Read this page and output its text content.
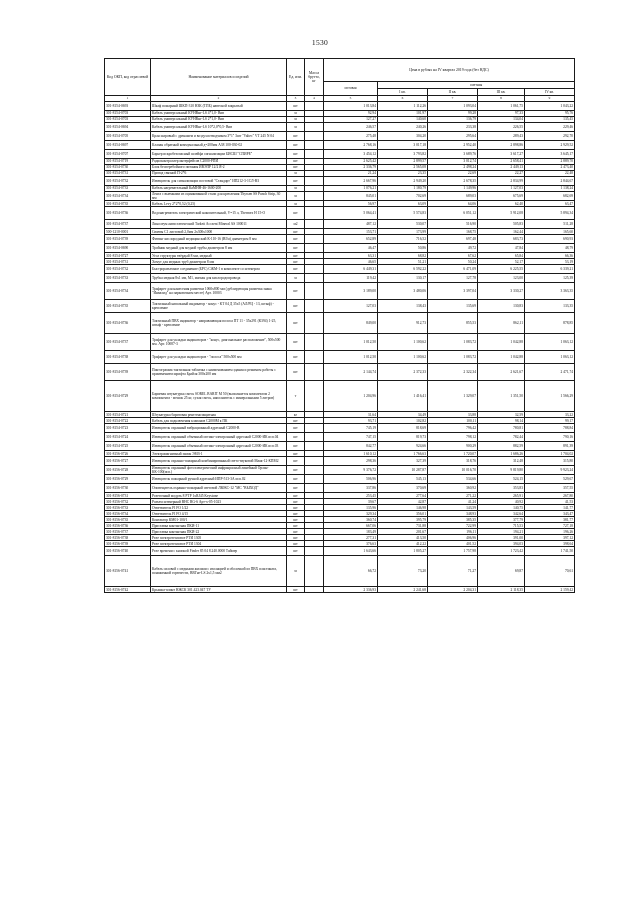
1530
Код ОКП, код отраслевой	Наименование материалов и изделий	Ед. изм.	Масса брутто, кг	Цена в рублях на IV квартал 2019 года (без НДС)				
				оптовая	сметная			
					I кв.	II кв.	III кв.	IV кв.
1	2	3	4	5	6	7	8	9
301-8154-0693	Шкаф пожарный ШКП-310 НЗК (ТПБ) навесной закрытый	шт		1 013,84	1 112,26	1 093,04	1 061,75	1 043,22
301-8154-0703	Кабель универсальный КУНВнг-LS 4*1,0- Вив	м		92,94	101,97	99,28	97,33	95,76
301-8154-0703	Кабель универсальный КУНВнг-LS 2*1,0- Вив	м		127,27	140,60	136,79	134,04	135,45
301-8154-0694	Кабель универсальный КУНВнг-LS 10*2,0*0,5- Вив	м		246,57	240,26	233,38	226,55	229,46
301-8154-0705	Кран шаровый с дренажем и воздухоотводчиком 3*1" 3шт "Valtec" VT 245 N 04	шт		275,48	304,20	295,64	289,43	292,70
301-8154-0697	Клапан обратный коммунальный д=200мм A38 100-030-02	шт		2 768,16	3 017,18	2 952,40	2 898,86	2 929,52
301-8154-0707	Барьер искробезопасный шлейфа сигнализации БИСШ "СПИРЕ"	шт		3 454,12	3 793,82	3 689,76	3 617,27	3 645,17
301-8154-0719	Радиоконтроллер интерфейсов С2000-РПИ	шт		2 625,42	2 899,57	3 012,74	2 658,41	2 889,70
301-8154-0730	Блок бесперебойного питания ИВЭПР 12/2 Я-2	шт		2 336,79	2 565,08	2 498,24	2 449,13	2 473,40
301-8154-0731	Провод связной П-2*6	м		21,24	23,35	22,69	22,27	22,48
301-8154-0732	Извещатель для сигнализации постовой "Стандарт" ИП212-3-1СЛ-ВЗ	шт		2 667,96	2 949,20	2 678,35	2 834,99	2 844,67
301-8154-0733	Кабель нагревательный КаМНН-46-1600-200	м		1 076,21	1 180,79	1 149,96	1 127,03	1 138,24
301-8154-0734	Лента с выемками из оцинкованной стали для крепления Thyssen SS Punch Strip, 30 мм	м		845,01	702,69	689,03	675,69	682,69
301-8154-0735	Кабель Lvvy 2*2*0,52 (0,25)	м		56,97	63,09	64,06	62,40	63,47
301-8154-0736	Водонагреватель электрический накопительный, V=15 л, Thermex H 15-O	шт		5 064,41	5 574,83	6 051,12	5 912,08	5 894,34
301-8154-0737	Линолеум антистатический Tarkett Acczent Mineral AS 100011	м2		487,12	530,07	516,90	505,83	511,28
500-1210-0001	Сваевы С1 листовой 2,0мм 2х300х1000	шт		153,71	173,99	168,75	162,44	165,60
301-8154-0739	Фитинг кислородный медицинский К-110-16 (ВГм) диаметром 8 мм	шт		652,89	716,52	697,48	683,73	690,93
301-8154-0690	Тройник медный для медной трубы диаметром 8 мм	шт		46,47	50,86	49,72	47,84	48,79
301-8154-0727	Угол структуры твёрдый 8 мм, медный	шт		63,31	68,82	67,62	65,84	66,36
301-8154-0731	Хомут для медных труб диаметром 8 мм	шт		46,65	51,21	50,24	52,17	53,19
301-8154-0732	Быстроразъемное соединение (БРС) СЖМ-1 в комплекте со штекером	шт		6 449,31	6 592,22	6 471,09	6 225,55	6 339,21
301-8154-0733	Трубка медная 8х1 мм, М1, мягкая для кислородопровода	м		119,42	130,17	127,78	123,00	125,39
301-8154-0734	Трафарет для нанесения разметки 1060х800 мм (дублирующая разметка знака "Инвалид" на парковочном месте) Арт. 10003	шт		3 189,00	3 480,06	3 397,04	3 330,27	3 363,35
301-8154-0735	Тактильный напольный индикатор - конус - КТ 04 Д 35х5 (АЛ/РЦ - 13, штыф) - крепление	шт		127,03	138,43	135,69	130,83	133,35
301-8154-0736	Тактильный ПВХ индикатор - направляющая полоса ПТ 11 - 35х291 (К394) 1-25, штыф - крепление	шт		849,00	912,73	855,53	862,11	878,85
301-8154-0737	Трафарет для укладки индикаторов - "конус, диагональное расположение", 500х500 мм. Арт. 10087-3	шт		1 012,50	1 100,62	1 083,72	1 042,88	1 063,12
301-8154-0738	Трафарет для укладки индикаторов - "полоса" 500х500 мм	шт		1 012,50	1 100,62	1 083,72	1 042,88	1 063,12
301-8154-0739	Пиктограмма тактильная табличка с наименованием здания и режимом работы с применением шрифта Брайля 300х200 мм	шт		2 144,74	2 372,33	2 322,34	2 621,67	2 471,74
301-8154-0729	Бариевая штукатурка смесь SOREL BARIT M 50 (выполняется комплектом 2 компонента - мешок 25 кг, сухая смесь, наполнитель с минеральными 5 литров)	т		1 204,96	1 416,41	1 329,07	1 351,50	1 566,29
301-8154-0721	Штукатурка баритовая рентгенозащитная	кг		31,64	34,49	33,88	32,59	33,22
301-8154-0722	Кабель для подключения клапанов С2000М к ПК	шт		93,71	102,82	100,11	98,14	99,17
301-8154-0723	Извещатель охранный вибрационный адресный С2000-В	шт		745,19	818,69	796,42	780,81	788,84
301-8154-0724	Извещатель охранный объемный оптико-электронный адресный С2000-ИК исп.04	шт		747,15	819,73	798,12	782,44	790,16
301-8154-0725	Извещатель охранный объемный оптико-электронный адресный С2000-ИК исп.03	шт		842,77	924,66	900,29	882,59	891,39
301-8156-0726	Электромагнитный замок ЭМЗ-1	шт		1 610,12	1 766,63	1 720,07	1 686,26	1 704,02
301-8156-0727	Извещатель охранно-пожарный комбинированный свето-звуковой Маяк-12-КПМ2	шт		298,36	327,39	318,76	312,48	315,80
301-8156-0728	Извещатель охранный фотоэлектрический инфракрасный линейный Орлан-КК-100(исп.)	шт		9 376,72	10 287,87	10 016,70	9 819,80	9 923,24
301-8156-0729	Извещатель пожарный ручной адресный ИПР-513-3А исп.02	шт		506,96	545,13	534,66	524,15	529,67
301-8156-0730	Оповещатель охранно-пожарный световой ЛЮКС-12 "МС "ВЫХОД"	шт		337,86	370,69	360,92	353,83	357,55
301-8156-0731	Розеточный модуль 8 РТР 1хRJ45 Keystone	шт		253,45	277,64	271,22	265,91	267,80
301-8156-0732	Разъем штекерный ВНС RG-6 Арт-х-05-1023	шт		39,67	42,87	41,24	40,92	41,53
301-8156-0733	Ответвитель FI FO 1/22	шт		135,96	146,98	143,59	140,75	141,77
301-8156-0734	Ответвитель FI FO 4/15	шт		329,34	356,01	348,93	342,64	343,47
301-8156-0735	Контактор КМ01-100/1	шт		360,74	395,79	385,35	377,79	381,77
301-8156-0736	Приставка контактная ПКИ-11	шт		667,06	731,88	722,99	715,53	727,18
301-8156-0737	Приставка контактная ПКИ-22	шт		183,49	201,67	196,11	194,21	196,26
301-8156-0738	Реле электротепловое РТИ 1305	шт		277,31	413,50	406,96	391,00	397,12
301-8156-0739	Реле электротепловое РТИ 1304	шт		376,63	412,22	401,52	394,03	398,64
301-8156-0740	Реле времени с кнопкой Finder 85 04 8.240.0000 Таймер	шт		1 643,66	1 805,27	1 757,98	1 723,42	1 741,50
301-8156-0741	Кабель силовой с медными жилами с изоляцией и оболочкой из ПВХ пластиката, пониженной горючести, ВВГнг-LS 2х1,5 мм2	м		66,72	73,20	71,27	69,87	70,61
301-8156-0742	Крышка-плинт НЖСК 301.423.047 ТУ	шт		2 336,93	2 241,68	2 204,31	2 118,35	2 159,42
